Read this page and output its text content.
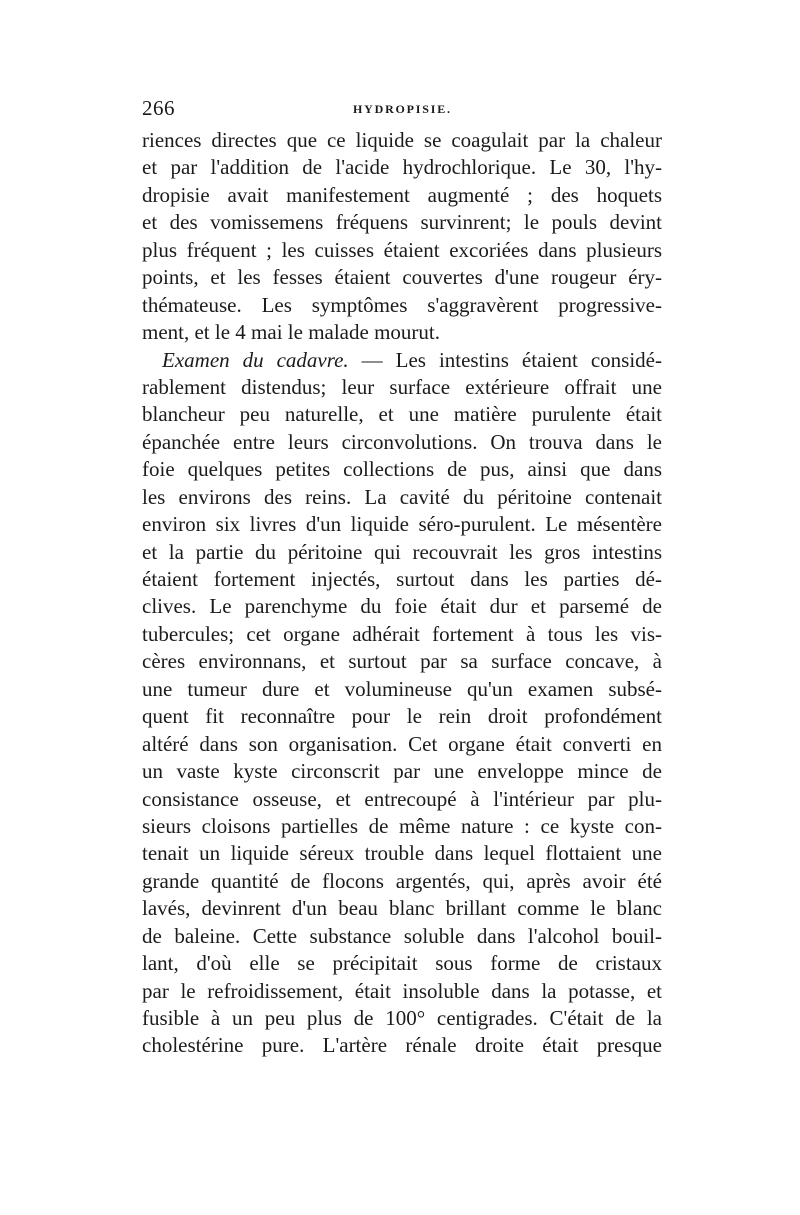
266	HYDROPISIE.
riences directes que ce liquide se coagulait par la chaleur
et par l'addition de l'acide hydrochlorique. Le 30, l'hy-
dropisie avait manifestement augmenté ; des hoquets
et des vomissemens fréquens survinrent; le pouls devint
plus fréquent ; les cuisses étaient excoriées dans plusieurs
points, et les fesses étaient couvertes d'une rougeur éry-
thémateuse. Les symptômes s'aggravèrent progressive-
ment, et le 4 mai le malade mourut.
Examen du cadavre. — Les intestins étaient considé-
rablement distendus; leur surface extérieure offrait une
blancheur peu naturelle, et une matière purulente était
épanchée entre leurs circonvolutions. On trouva dans le
foie quelques petites collections de pus, ainsi que dans
les environs des reins. La cavité du péritoine contenait
environ six livres d'un liquide séro-purulent. Le mésentère
et la partie du péritoine qui recouvrait les gros intestins
étaient fortement injectés, surtout dans les parties dé-
clives. Le parenchyme du foie était dur et parsemé de
tubercules; cet organe adhérait fortement à tous les vis-
cères environnans, et surtout par sa surface concave, à
une tumeur dure et volumineuse qu'un examen subsé-
quent fit reconnaître pour le rein droit profondément
altéré dans son organisation. Cet organe était converti en
un vaste kyste circonscrit par une enveloppe mince de
consistance osseuse, et entrecoupé à l'intérieur par plu-
sieurs cloisons partielles de même nature : ce kyste con-
tenait un liquide séreux trouble dans lequel flottaient une
grande quantité de flocons argentés, qui, après avoir été
lavés, devinrent d'un beau blanc brillant comme le blanc
de baleine. Cette substance soluble dans l'alcohol bouil-
lant, d'où elle se précipitait sous forme de cristaux
par le refroidissement, était insoluble dans la potasse, et
fusible à un peu plus de 100° centigrades. C'était de la
cholestérine pure. L'artère rénale droite était presque
